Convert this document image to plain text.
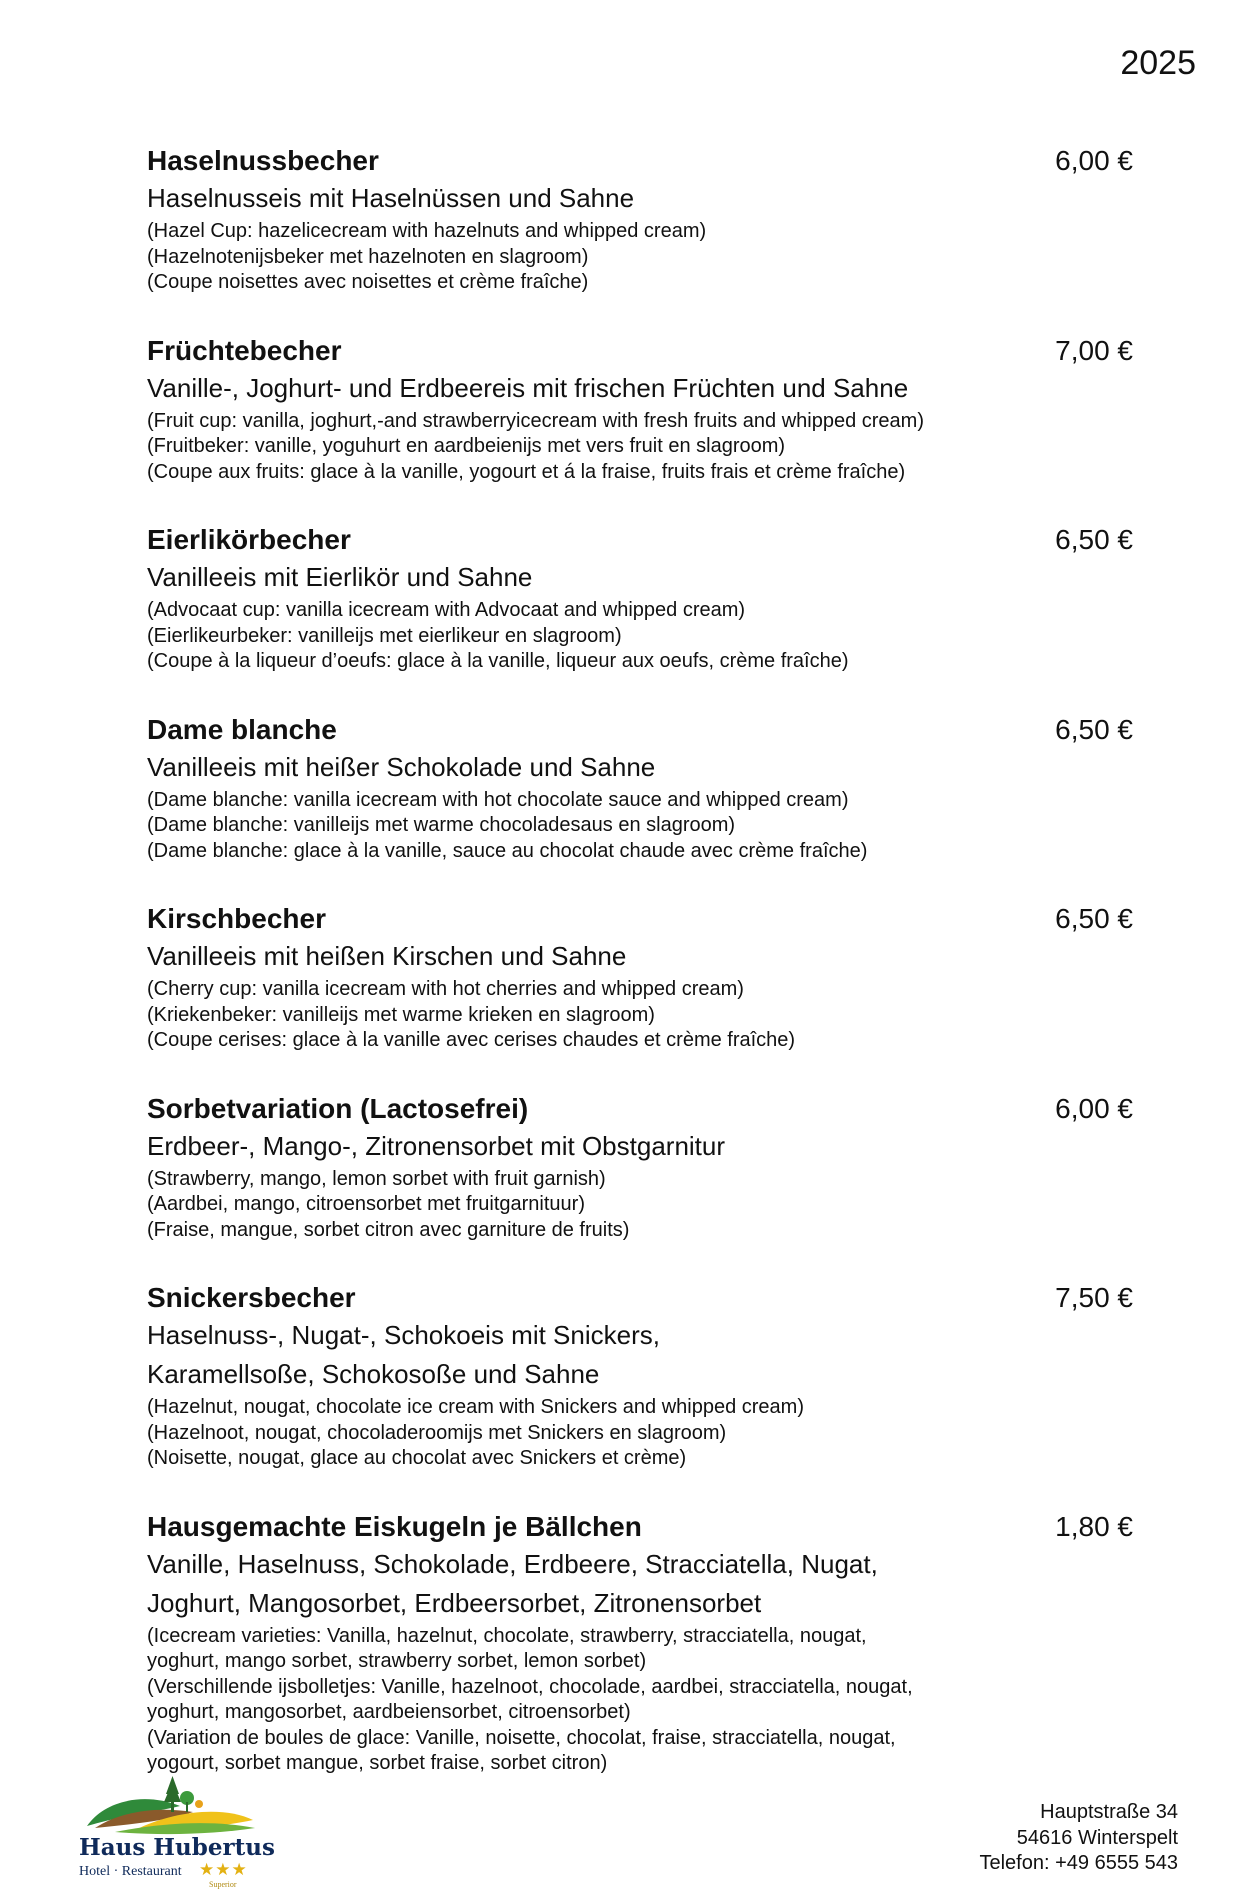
2025
Haselnussbecher	6,00 €
Haselnusseis mit Haselnüssen und Sahne
(Hazel Cup: hazelicecream with hazelnuts and whipped cream)
(Hazelnotenijsbeker met hazelnoten en slagroom)
(Coupe noisettes avec noisettes et crème fraîche)
Früchtebecher	7,00 €
Vanille-, Joghurt- und Erdbeereis mit frischen Früchten und Sahne
(Fruit cup: vanilla, joghurt,-and strawberryicecream with fresh fruits and whipped cream)
(Fruitbeker: vanille, yoguhurt en aardbeienijs met vers fruit en slagroom)
(Coupe aux fruits: glace à la vanille, yogourt et á la fraise, fruits frais et crème fraîche)
Eierlikörbecher	6,50 €
Vanilleeis mit Eierlikör und Sahne
(Advocaat cup: vanilla icecream with Advocaat and whipped cream)
(Eierlikeurbeker: vanilleijs met eierlikeur en slagroom)
(Coupe à la liqueur d’oeufs: glace à la vanille, liqueur aux oeufs, crème fraîche)
Dame blanche	6,50 €
Vanilleeis mit heißer Schokolade und Sahne
(Dame blanche: vanilla icecream with hot chocolate sauce and whipped cream)
(Dame blanche: vanilleijs met warme chocoladesaus en slagroom)
(Dame blanche: glace à la vanille, sauce au chocolat chaude avec crème fraîche)
Kirschbecher	6,50 €
Vanilleeis mit heißen Kirschen und Sahne
(Cherry cup: vanilla icecream with hot cherries and whipped cream)
(Kriekenbeker: vanilleijs met warme krieken en slagroom)
(Coupe cerises: glace à la vanille avec cerises chaudes et crème fraîche)
Sorbetvariation (Lactosefrei)	6,00 €
Erdbeer-, Mango-, Zitronensorbet mit Obstgarnitur
(Strawberry, mango, lemon sorbet with fruit garnish)
(Aardbei, mango, citroensorbet met fruitgarnituur)
(Fraise, mangue, sorbet citron avec garniture de fruits)
Snickersbecher	7,50 €
Haselnuss-, Nugat-, Schokoeis mit Snickers,
Karamellsoße, Schokosoße und Sahne
(Hazelnut, nougat, chocolate ice cream with Snickers and whipped cream)
(Hazelnoot, nougat, chocoladeroomijs met Snickers en slagroom)
(Noisette, nougat, glace au chocolat avec Snickers et crème)
Hausgemachte Eiskugeln je Bällchen	1,80 €
Vanille, Haselnuss, Schokolade, Erdbeere, Stracciatella, Nugat,
Joghurt, Mangosorbet, Erdbeersorbet, Zitronensorbet
(Icecream varieties: Vanilla, hazelnut, chocolate, strawberry, stracciatella, nougat,
yoghurt, mango sorbet, strawberry sorbet, lemon sorbet)
(Verschillende ijsbolletjes: Vanille, hazelnoot, chocolade, aardbei, stracciatella, nougat,
yoghurt, mangosorbet, aardbeiensorbet, citroensorbet)
(Variation de boules de glace: Vanille, noisette, chocolat, fraise, stracciatella, nougat,
yogourt, sorbet mangue, sorbet fraise, sorbet citron)
Haus Hubertus
Hotel · Restaurant ★★★
Superior
Hauptstraße 34
54616 Winterspelt
Telefon: +49 6555 543
